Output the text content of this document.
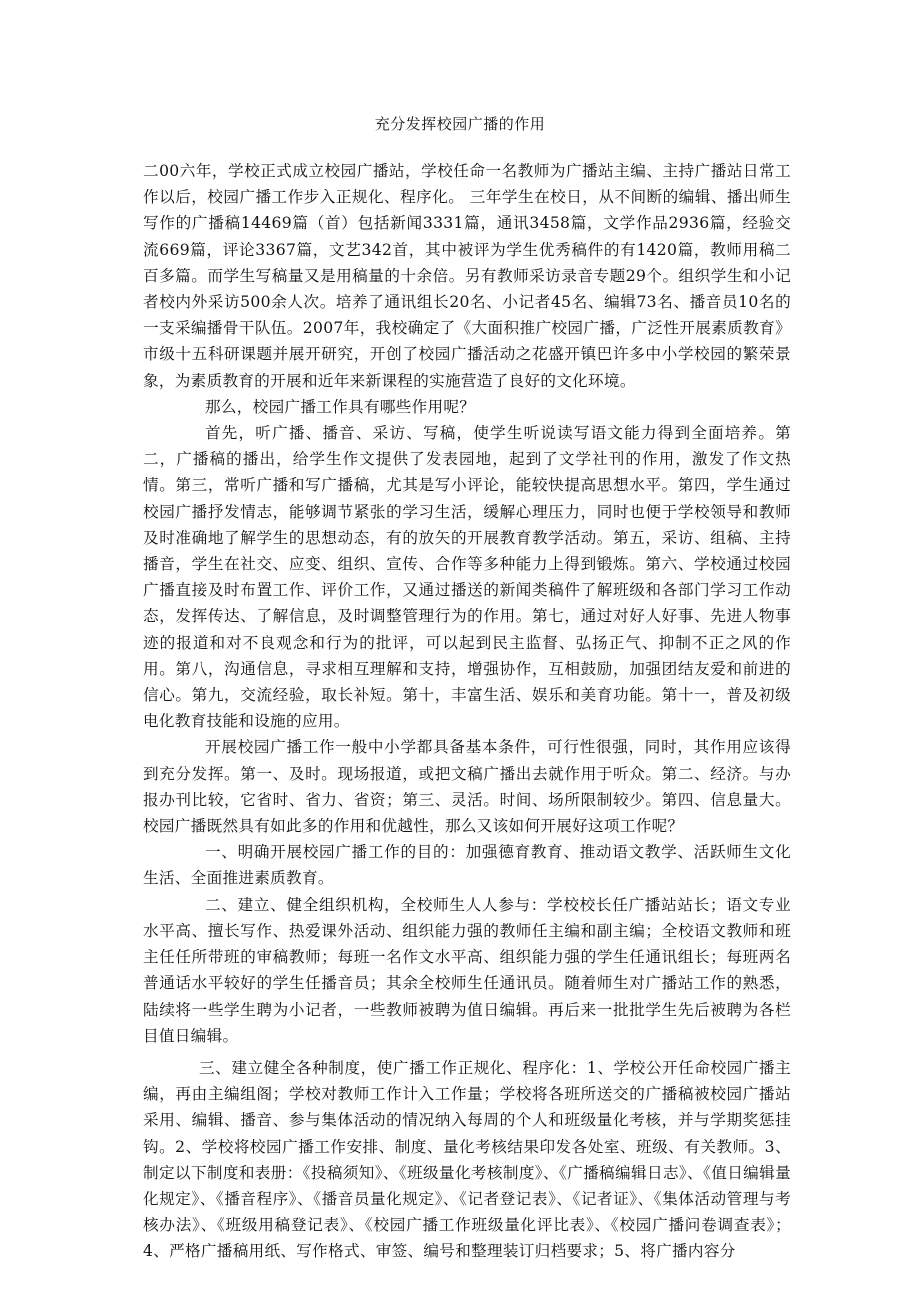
充分发挥校园广播的作用

二00六年，学校正式成立校园广播站，学校任命一名教师为广播站主编、主持广播站日常工作以后，校园广播工作步入正规化、程序化。 三年学生在校日，从不间断的编辑、播出师生写作的广播稿14469篇（首）包括新闻3331篇，通讯3458篇，文学作品2936篇，经验交流669篇，评论3367篇，文艺342首，其中被评为学生优秀稿件的有1420篇，教师用稿二百多篇。而学生写稿量又是用稿量的十余倍。另有教师采访录音专题29个。组织学生和小记者校内外采访500余人次。培养了通讯组长20名、小记者45名、编辑73名、播音员10名的一支采编播骨干队伍。2007年，我校确定了《大面积推广校园广播，广泛性开展素质教育》市级十五科研课题并展开研究，开创了校园广播活动之花盛开镇巴许多中小学校园的繁荣景象，为素质教育的开展和近年来新课程的实施营造了良好的文化环境。

那么，校园广播工作具有哪些作用呢？

首先，听广播、播音、采访、写稿，使学生听说读写语文能力得到全面培养。第二，广播稿的播出，给学生作文提供了发表园地，起到了文学社刊的作用，激发了作文热情。第三，常听广播和写广播稿，尤其是写小评论，能较快提高思想水平。第四，学生通过校园广播抒发情志，能够调节紧张的学习生活，缓解心理压力，同时也便于学校领导和教师及时准确地了解学生的思想动态，有的放矢的开展教育教学活动。第五，采访、组稿、主持播音，学生在社交、应变、组织、宣传、合作等多种能力上得到锻炼。第六、学校通过校园广播直接及时布置工作、评价工作，又通过播送的新闻类稿件了解班级和各部门学习工作动态，发挥传达、了解信息，及时调整管理行为的作用。第七，通过对好人好事、先进人物事迹的报道和对不良观念和行为的批评，可以起到民主监督、弘扬正气、抑制不正之风的作用。第八，沟通信息，寻求相互理解和支持，增强协作，互相鼓励，加强团结友爱和前进的信心。第九，交流经验，取长补短。第十，丰富生活、娱乐和美育功能。第十一，普及初级电化教育技能和设施的应用。

开展校园广播工作一般中小学都具备基本条件，可行性很强，同时，其作用应该得到充分发挥。第一、及时。现场报道，或把文稿广播出去就作用于听众。第二、经济。与办报办刊比较，它省时、省力、省资；第三、灵活。时间、场所限制较少。第四、信息量大。校园广播既然具有如此多的作用和优越性，那么又该如何开展好这项工作呢？

一、明确开展校园广播工作的目的：加强德育教育、推动语文教学、活跃师生文化生活、全面推进素质教育。

二、建立、健全组织机构，全校师生人人参与：学校校长任广播站站长；语文专业水平高、擅长写作、热爱课外活动、组织能力强的教师任主编和副主编；全校语文教师和班主任任所带班的审稿教师；每班一名作文水平高、组织能力强的学生任通讯组长；每班两名普通话水平较好的学生任播音员；其余全校师生任通讯员。随着师生对广播站工作的熟悉，陆续将一些学生聘为小记者，一些教师被聘为值日编辑。再后来一批批学生先后被聘为各栏目值日编辑。

三、建立健全各种制度，使广播工作正规化、程序化：1、学校公开任命校园广播主编，再由主编组阁；学校对教师工作计入工作量；学校将各班所送交的广播稿被校园广播站采用、编辑、播音、参与集体活动的情况纳入每周的个人和班级量化考核，并与学期奖惩挂钩。2、学校将校园广播工作安排、制度、量化考核结果印发各处室、班级、有关教师。3、制定以下制度和表册：《投稿须知》、《班级量化考核制度》、《广播稿编辑日志》、《值日编辑量化规定》、《播音程序》、《播音员量化规定》、《记者登记表》、《记者证》、《集体活动管理与考核办法》、《班级用稿登记表》、《校园广播工作班级量化评比表》、《校园广播问卷调查表》；4、严格广播稿用纸、写作格式、审签、编号和整理装订归档要求；5、将广播内容分
